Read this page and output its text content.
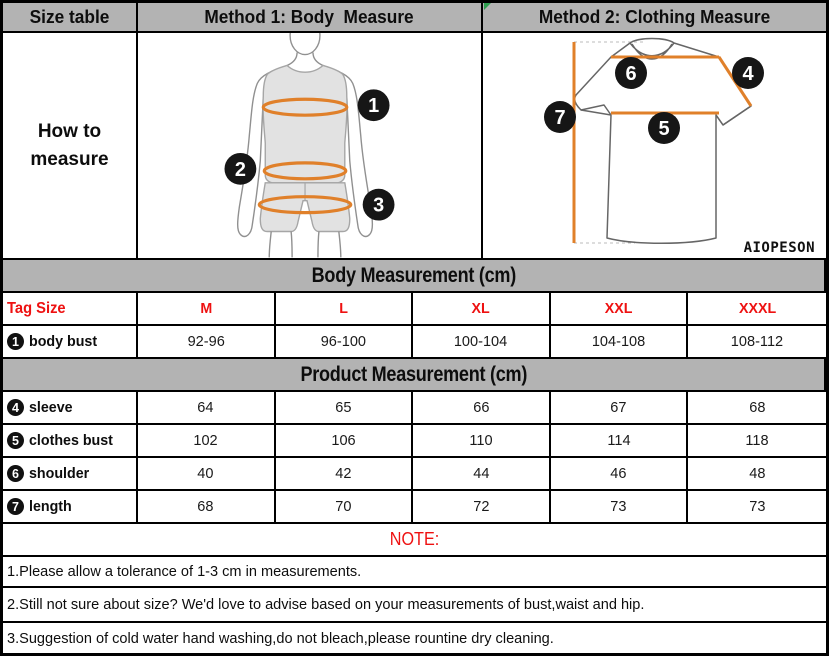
Size table	Method 1: Body  Measure	Method 2: Clothing Measure
How to measure
1
2
3
6	4
7	5
AIOPESON
Body Measurement (cm)
Tag Size	M	L	XL	XXL	XXXL
1 body bust	92-96	96-100	100-104	104-108	108-112
Product Measurement (cm)
4 sleeve	64	65	66	67	68
5 clothes bust	102	106	110	114	118
6 shoulder	40	42	44	46	48
7 length	68	70	72	73	73
NOTE:
1.Please allow a tolerance of 1-3 cm in measurements.
2.Still not sure about size? We'd love to advise based on your measurements of bust,waist and hip.
3.Suggestion of cold water hand washing,do not bleach,please rountine dry cleaning.
